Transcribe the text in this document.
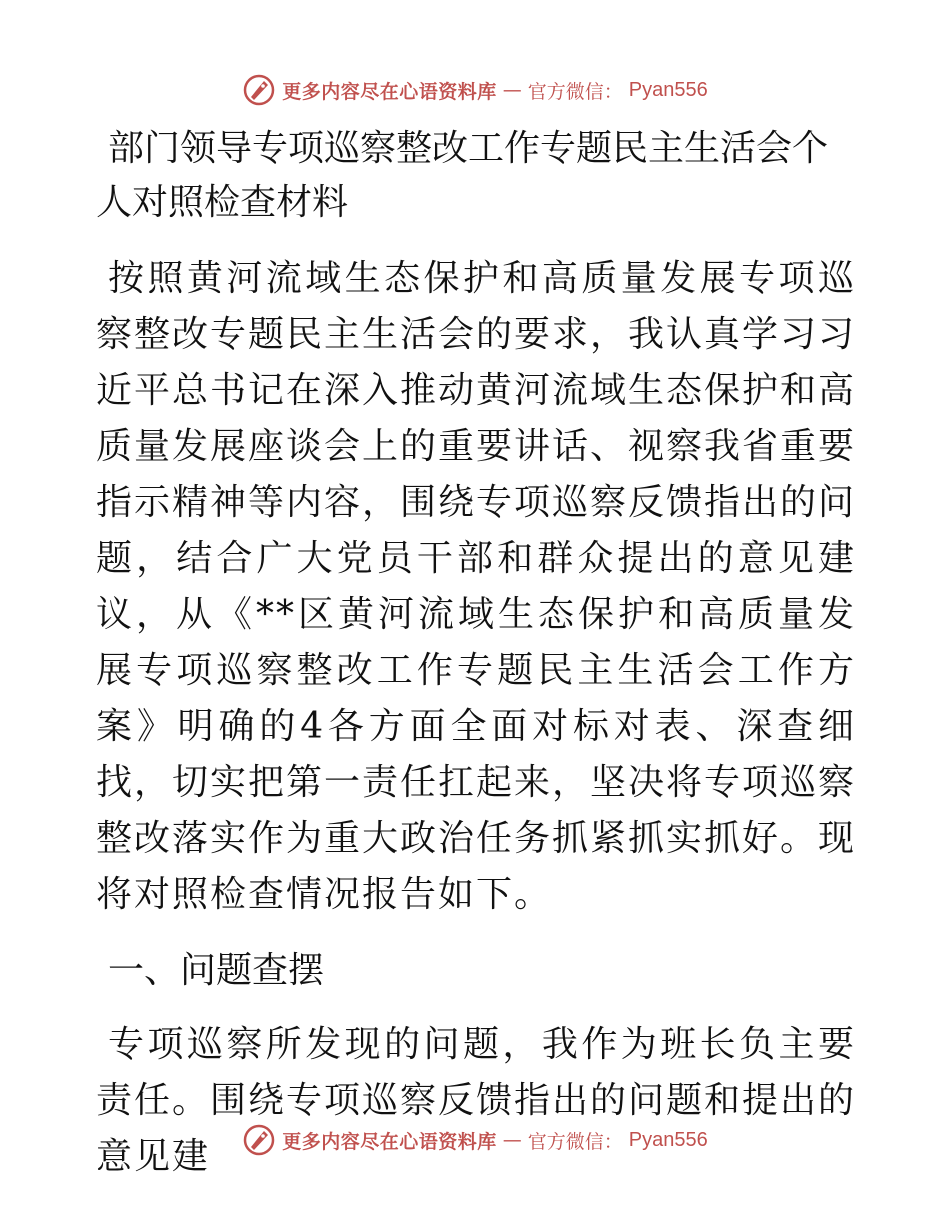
更多内容尽在心语资料库 — 官方微信： Pyan556
部门领导专项巡察整改工作专题民主生活会个人对照检查材料

按照黄河流域生态保护和高质量发展专项巡察整改专题民主生活会的要求，我认真学习习近平总书记在深入推动黄河流域生态保护和高质量发展座谈会上的重要讲话、视察我省重要指示精神等内容，围绕专项巡察反馈指出的问题，结合广大党员干部和群众提出的意见建议，从《**区黄河流域生态保护和高质量发展专项巡察整改工作专题民主生活会工作方案》明确的4各方面全面对标对表、深查细找，切实把第一责任扛起来，坚决将专项巡察整改落实作为重大政治任务抓紧抓实抓好。现将对照检查情况报告如下。

一、问题查摆

专项巡察所发现的问题，我作为班长负主要责任。围绕专项巡察反馈指出的问题和提出的意见建	更多内容尽在心语资料库 — 官方微信： Pyan556
